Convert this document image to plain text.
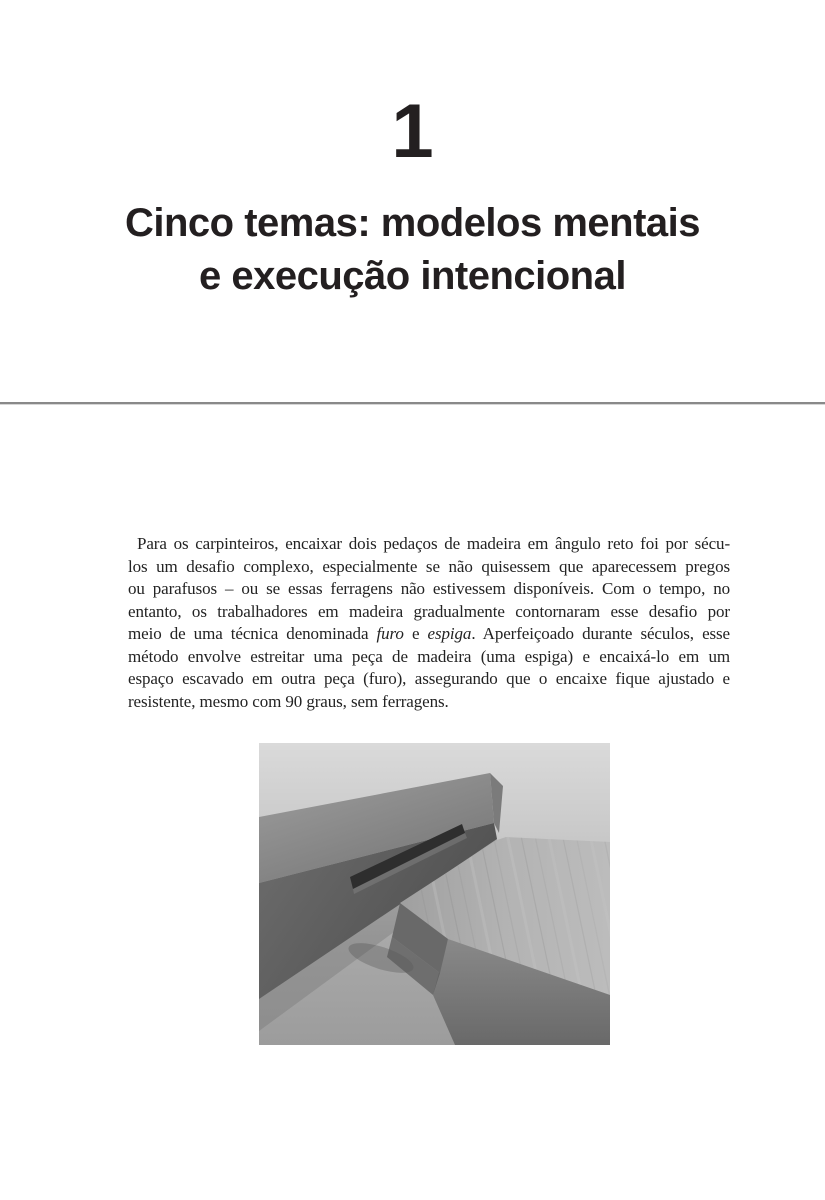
1
Cinco temas: modelos mentais
e execução intencional
Para os carpinteiros, encaixar dois pedaços de madeira em ângulo reto foi por sécu-
los um desafio complexo, especialmente se não quisessem que aparecessem pregos
ou parafusos – ou se essas ferragens não estivessem disponíveis. Com o tempo, no
entanto, os trabalhadores em madeira gradualmente contornaram esse desafio por
meio de uma técnica denominada furo e espiga. Aperfeiçoado durante séculos, esse
método envolve estreitar uma peça de madeira (uma espiga) e encaixá-lo em um
espaço escavado em outra peça (furo), assegurando que o encaixe fique ajustado e
resistente, mesmo com 90 graus, sem ferragens.
